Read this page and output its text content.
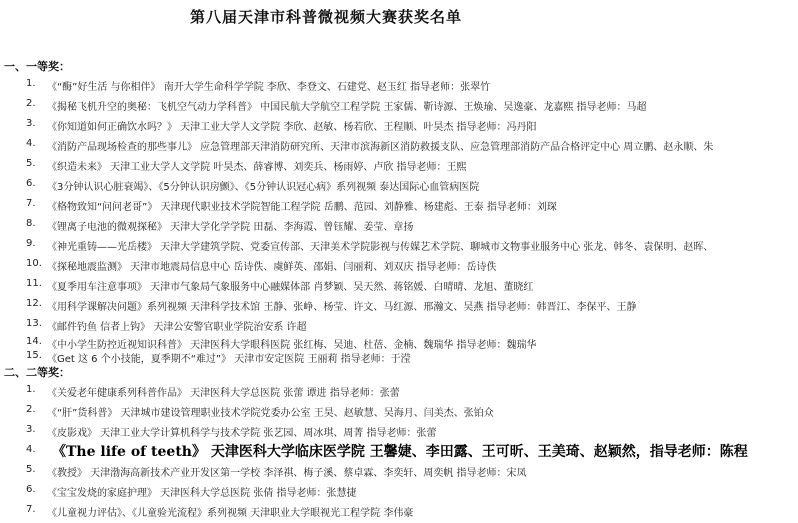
第八届天津市科普微视频大赛获奖名单
一、一等奖：
1. 《“酶”好生活 与你相伴》 南开大学生命科学学院 李欣、李登文、石建党、赵玉红 指导老师：张翠竹
2. 《揭秘飞机升空的奥秘：飞机空气动力学科普》 中国民航大学航空工程学院 王家儒、靳诗源、王焕瑜、吴逸豪、龙嘉熙 指导老师：马超
3. 《你知道如何正确饮水吗？》 天津工业大学人文学院 李欣、赵敏、杨若欣、王程顺、叶昊杰 指导老师：冯丹阳
4. 《消防产品现场检查的那些事儿》 应急管理部天津消防研究所、天津市滨海新区消防救援支队、应急管理部消防产品合格评定中心 周立鹏、赵永顺、朱
5. 《织造未来》 天津工业大学人文学院 叶昊杰、薛睿博、刘奕兵、杨雨婷、卢欣 指导老师：王熙
6. 《3分钟认识心脏衰竭》、《5分钟认识房颤》、《5分钟认识冠心病》系列视频 泰达国际心血管病医院
7. 《格物致知“问问老哥”》 天津现代职业技术学院智能工程学院 岳鹏、范园、刘静雅、杨建彪、王泰 指导老师：刘琛
8. 《锂离子电池的微观探秘》 天津大学化学学院 田磊、李海霞、曾钰耀、姜莹、章扬
9. 《神光重铸——光岳楼》 天津大学建筑学院、党委宣传部、天津美术学院影视与传媒艺术学院、聊城市文物事业服务中心 张龙、韩冬、袁保明、赵晖、
10. 《探秘地震监测》 天津市地震局信息中心 岳诗佚、虞鲜英、邵娟、闫丽莉、刘双庆 指导老师：岳诗佚
11. 《夏季用车注意事项》 天津市气象局气象服务中心融媒体部 肖梦颖、吴天然、蒋铭媛、白晴晴、龙旭、董晓红
12. 《用科学课解决问题》系列视频 天津科学技术馆 王静、张峥、杨莹、许文、马红源、邢瀚文、吴燕 指导老师：韩晋江、李保平、王静
13. 《邮件钓鱼 信者上钩》 天津公安警官职业学院治安系 许超
14. 《中小学生防控近视知识科普》 天津医科大学眼科医院 张红梅、吴迪、杜蓓、金楠、魏瑞华 指导老师：魏瑞华
15. 《Get 这 6 个小技能，夏季期不“难过”》 天津市安定医院 王丽莉 指导老师：于滢
二、二等奖：
1. 《关爱老年健康系列科普作品》 天津医科大学总医院 张蕾 谭进 指导老师：张蕾
2. 《“肝”货科普》 天津城市建设管理职业技术学院党委办公室 王昊、赵敏慧、吴海月、闫美杰、张铂众
3. 《皮影戏》 天津工业大学计算机科学与技术学院 张艺园、周冰琪、周菁 指导老师：张蕾
4. 《The life of teeth》 天津医科大学临床医学院 王馨婕、李田露、王可昕、王美琦、赵颖然，指导老师：陈程
5. 《教授》 天津渤海高新技术产业开发区第一学校 李泽祺、梅子溪、蔡卓霖、李奕轩、周奕帆 指导老师：宋凤
6. 《宝宝发烧的家庭护理》 天津医科大学总医院 张倩 指导老师：张慧捷
7. 《儿童视力评估》、《儿童验光流程》系列视频 天津职业大学眼视光工程学院 李伟豪
